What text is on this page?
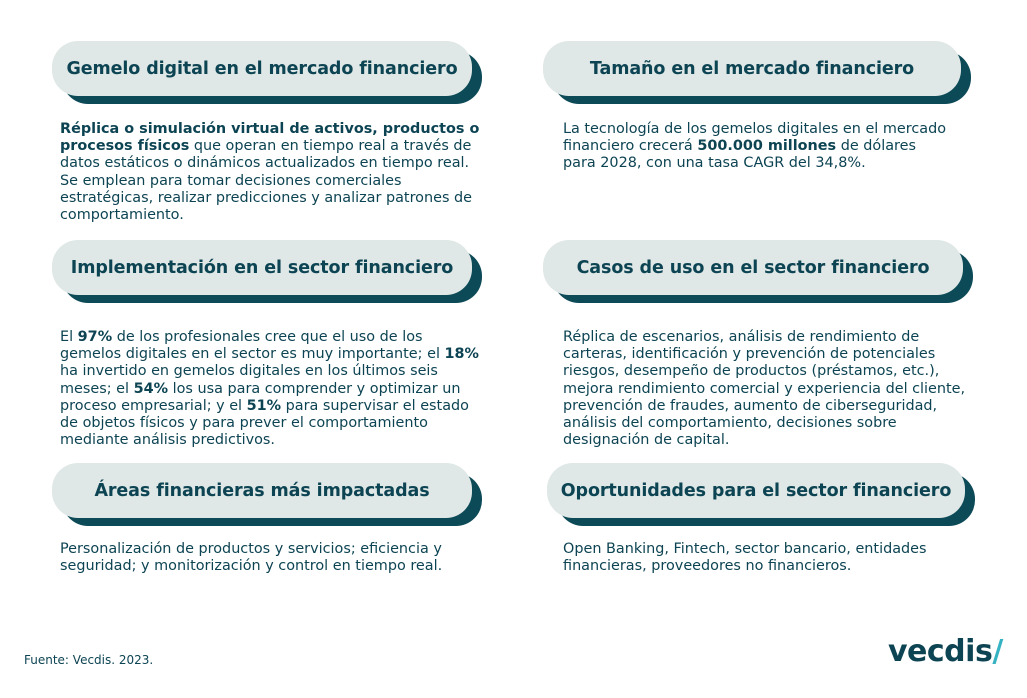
Gemelo digital en el mercado financiero
Réplica o simulación virtual de activos, productos o procesos físicos que operan en tiempo real a través de datos estáticos o dinámicos actualizados en tiempo real. Se emplean para tomar decisiones comerciales estratégicas, realizar predicciones y analizar patrones de comportamiento.
Tamaño en el mercado financiero
La tecnología de los gemelos digitales en el mercado financiero crecerá 500.000 millones de dólares para 2028, con una tasa CAGR del 34,8%.
Implementación en el sector financiero
El 97% de los profesionales cree que el uso de los gemelos digitales en el sector es muy importante; el 18% ha invertido en gemelos digitales en los últimos seis meses; el 54% los usa para comprender y optimizar un proceso empresarial; y el 51% para supervisar el estado de objetos físicos y para prever el comportamiento mediante análisis predictivos.
Casos de uso en el sector financiero
Réplica de escenarios, análisis de rendimiento de carteras, identificación y prevención de potenciales riesgos, desempeño de productos (préstamos, etc.), mejora rendimiento comercial y experiencia del cliente, prevención de fraudes, aumento de ciberseguridad, análisis del comportamiento, decisiones sobre designación de capital.
Áreas financieras más impactadas
Personalización de productos y servicios; eficiencia y seguridad; y monitorización y control en tiempo real.
Oportunidades para el sector financiero
Open Banking, Fintech, sector bancario, entidades financieras, proveedores no financieros.
Fuente: Vecdis. 2023.	vecdis/
